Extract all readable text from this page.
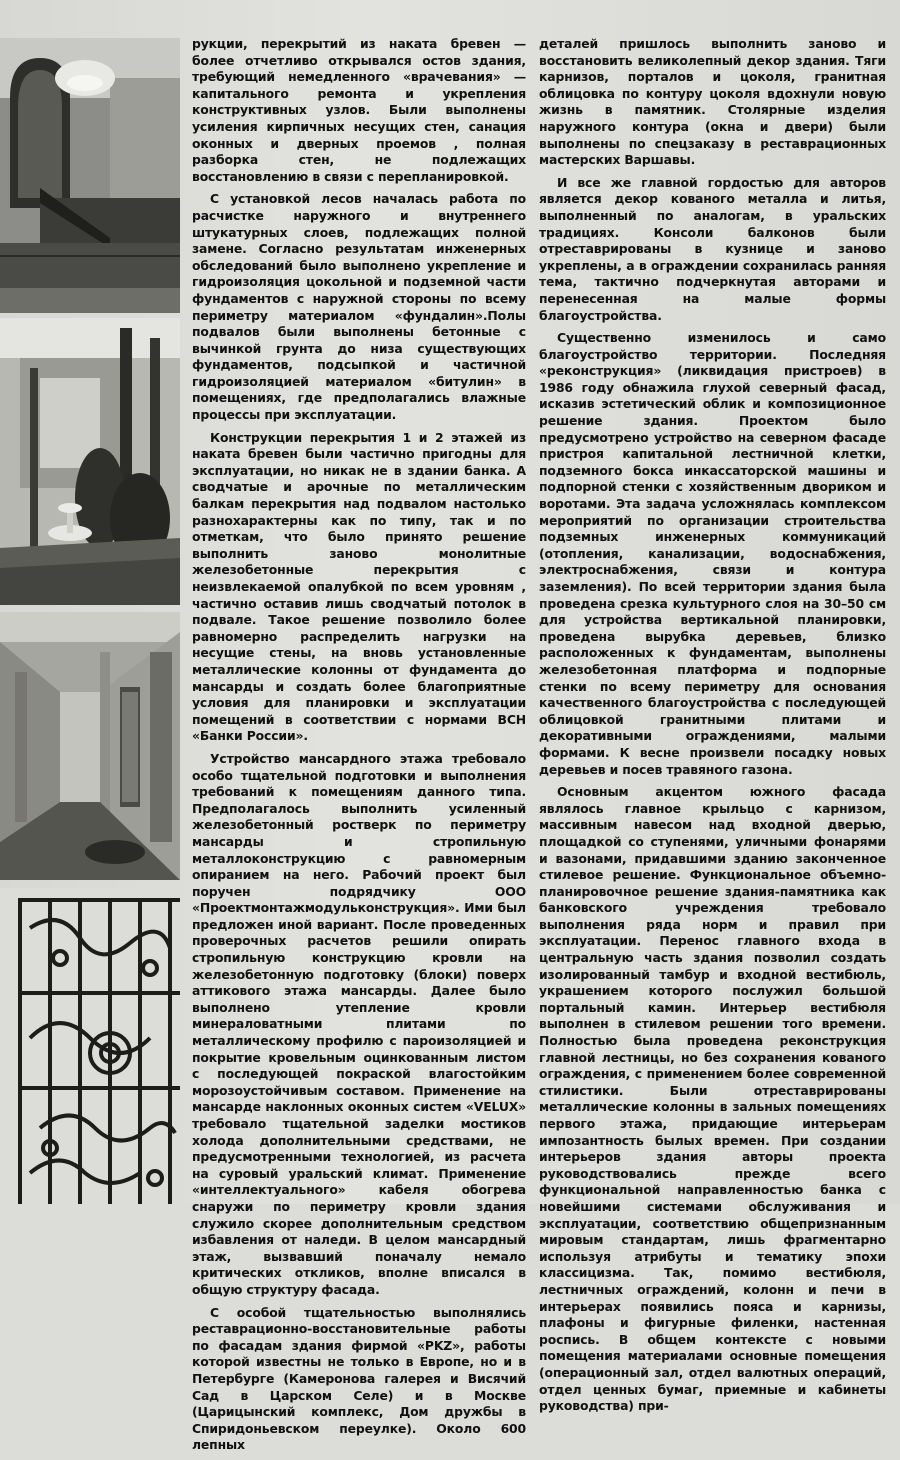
рукции, перекрытий из наката бревен — более отчетливо открывался остов здания, требующий немедленного «врачевания» — капитального ремонта и укрепления конструктивных узлов. Были выполнены усиления кирпичных несущих стен, санация оконных и дверных проемов , полная разборка стен, не подлежащих восстановлению в связи с перепланировкой.

С установкой лесов началась работа по расчистке наружного и внутреннего штукатурных слоев, подлежащих полной замене. Согласно результатам инженерных обследований было выполнено укрепление и гидроизоляция цокольной и подземной части фундаментов с наружной стороны по всему периметру материалом «фундалин».Полы подвалов были выполнены бетонные с вычинкой грунта до низа существующих фундаментов, подсыпкой и частичной гидроизоляцией материалом «битулин» в помещениях, где предполагались влажные процессы при эксплуатации.

Конструкции перекрытия 1 и 2 этажей из наката бревен были частично пригодны для эксплуатации, но никак не в здании банка. А сводчатые и арочные по металлическим балкам перекрытия над подвалом настолько разнохарактерны как по типу, так и по отметкам, что было принято решение выполнить заново монолитные железобетонные перекрытия с неизвлекаемой опалубкой по всем уровням , частично оставив лишь сводчатый потолок в подвале. Такое решение позволило более равномерно распределить нагрузки на несущие стены, на вновь установленные металлические колонны от фундамента до мансарды и создать более благоприятные условия для планировки и эксплуатации помещений в соответствии с нормами ВСН «Банки России».

Устройство мансардного этажа требовало особо тщательной подготовки и выполнения требований к помещениям данного типа. Предполагалось выполнить усиленный железобетонный ростверк по периметру мансарды и стропильную металлоконструкцию с равномерным опиранием на него. Рабочий проект был поручен подрядчику ООО «Проектмонтажмодульконструкция». Ими был предложен иной вариант. После проведенных проверочных расчетов решили опирать стропильную конструкцию кровли на железобетонную подготовку (блоки) поверх аттикового этажа мансарды. Далее было выполнено утепление кровли минераловатными плитами по металлическому профилю с пароизоляцией и покрытие кровельным оцинкованным листом с последующей покраской влагостойким морозоустойчивым составом. Применение на мансарде наклонных оконных систем «VELUX» требовало тщательной заделки мостиков холода дополнительными средствами, не предусмотренными технологией, из расчета на суровый уральский климат. Применение «интеллектуального» кабеля обогрева снаружи по периметру кровли здания служило скорее дополнительным средством избавления от наледи. В целом мансардный этаж, вызвавший поначалу немало критических откликов, вполне вписался в общую структуру фасада.

С особой тщательностью выполнялись реставрационно-восстановительные работы по фасадам здания фирмой «PKZ», работы которой известны не только в Европе, но и в Петербурге (Камеронова галерея и Висячий Сад в Царском Селе) и в Москве (Царицынский комплекс, Дом дружбы в Спиридоньевском переулке). Около 600 лепных

деталей пришлось выполнить заново и восстановить великолепный декор здания. Тяги карнизов, порталов и цоколя, гранитная облицовка по контуру цоколя вдохнули новую жизнь в памятник. Столярные изделия наружного контура (окна и двери) были выполнены по спецзаказу в реставрационных мастерских Варшавы.

И все же главной гордостью для авторов является декор кованого металла и литья, выполненный по аналогам, в уральских традициях. Консоли балконов были отреставрированы в кузнице и заново укреплены, а в ограждении сохранилась ранняя тема, тактично подчеркнутая авторами и перенесенная на малые формы благоустройства.

Существенно изменилось и само благоустройство территории. Последняя «реконструкция» (ликвидация пристроев) в 1986 году обнажила глухой северный фасад, исказив эстетический облик и композиционное решение здания. Проектом было предусмотрено устройство на северном фасаде пристроя капитальной лестничной клетки, подземного бокса инкассаторской машины и подпорной стенки с хозяйственным двориком и воротами. Эта задача усложнялась комплексом мероприятий по организации строительства подземных инженерных коммуникаций (отопления, канализации, водоснабжения, электроснабжения, связи и контура заземления). По всей территории здания была проведена срезка культурного слоя на 30–50 см для устройства вертикальной планировки, проведена вырубка деревьев, близко расположенных к фундаментам, выполнены железобетонная платформа и подпорные стенки по всему периметру для основания качественного благоустройства с последующей облицовкой гранитными плитами и декоративными ограждениями, малыми формами. К весне произвели посадку новых деревьев и посев травяного газона.

Основным акцентом южного фасада являлось главное крыльцо с карнизом, массивным навесом над входной дверью, площадкой со ступенями, уличными фонарями и вазонами, придавшими зданию законченное стилевое решение. Функциональное объемно-планировочное решение здания-памятника как банковского учреждения требовало выполнения ряда норм и правил при эксплуатации. Перенос главного входа в центральную часть здания позволил создать изолированный тамбур и входной вестибюль, украшением которого послужил большой портальный камин. Интерьер вестибюля выполнен в стилевом решении того времени. Полностью была проведена реконструкция главной лестницы, но без сохранения кованого ограждения, с применением более современной стилистики. Были отреставрированы металлические колонны в зальных помещениях первого этажа, придающие интерьерам импозантность былых времен. При создании интерьеров здания авторы проекта руководствовались прежде всего функциональной направленностью банка с новейшими системами обслуживания и эксплуатации, соответствию общепризнанным мировым стандартам, лишь фрагментарно используя атрибуты и тематику эпохи классицизма. Так, помимо вестибюля, лестничных ограждений, колонн и печи в интерьерах появились пояса и карнизы, плафоны и фигурные филенки, настенная роспись. В общем контексте с новыми помещения материалами основные помещения (операционный зал, отдел валютных операций, отдел ценных бумаг, приемные и кабинеты руководства) при-
